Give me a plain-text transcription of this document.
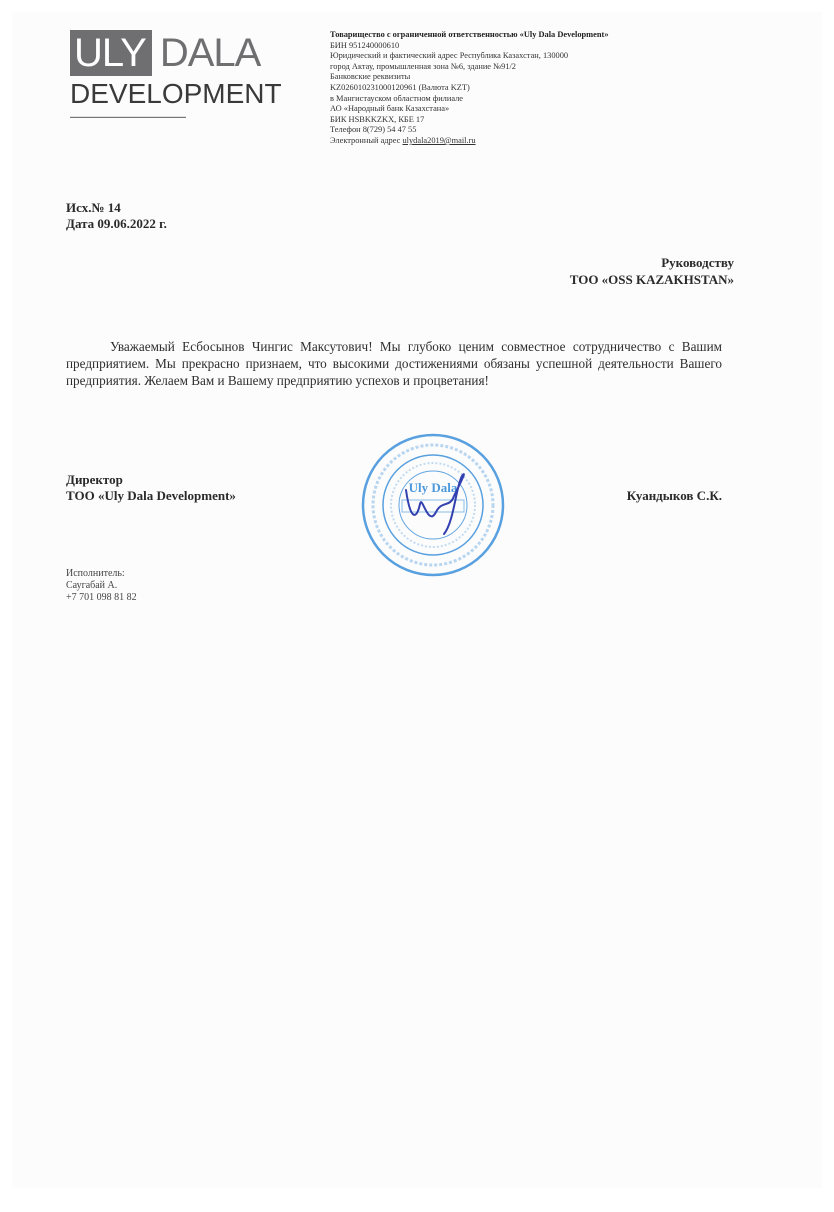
ULY DALA
DEVELOPMENT
▬▬▬▬▬▬▬▬▬▬▬▬▬▬▬▬▬▬▬▬▬▬▬▬▬▬▬▬▬
Товарищество с ограниченной ответственностью «Uly Dala Development»
БИН 951240000610
Юридический и фактический адрес Республика Казахстан, 130000
город Актау, промышленная зона №6, здание №91/2
Банковские реквизиты
KZ026010231000120961 (Валюта KZT)
в Мангистауском областном филиале
АО «Народный банк Казахстана»
БИК HSBKKZKX, КБЕ 17
Телефон 8(729) 54 47 55
Электронный адрес ulydala2019@mail.ru
Исх.№ 14
Дата 09.06.2022 г.
Руководству
ТОО «OSS KAZAKHSTAN»
Уважаемый Есбосынов Чингис Максутович! Мы глубоко ценим совместное сотрудничество с Вашим предприятием. Мы прекрасно признаем, что высокими достижениями обязаны успешной деятельности Вашего предприятия. Желаем Вам и Вашему предприятию успехов и процветания!
Uly Dala
Директор
ТОО «Uly Dala Development»	Куандыков С.К.
Исполнитель:
Саугабай А.
+7 701 098 81 82
